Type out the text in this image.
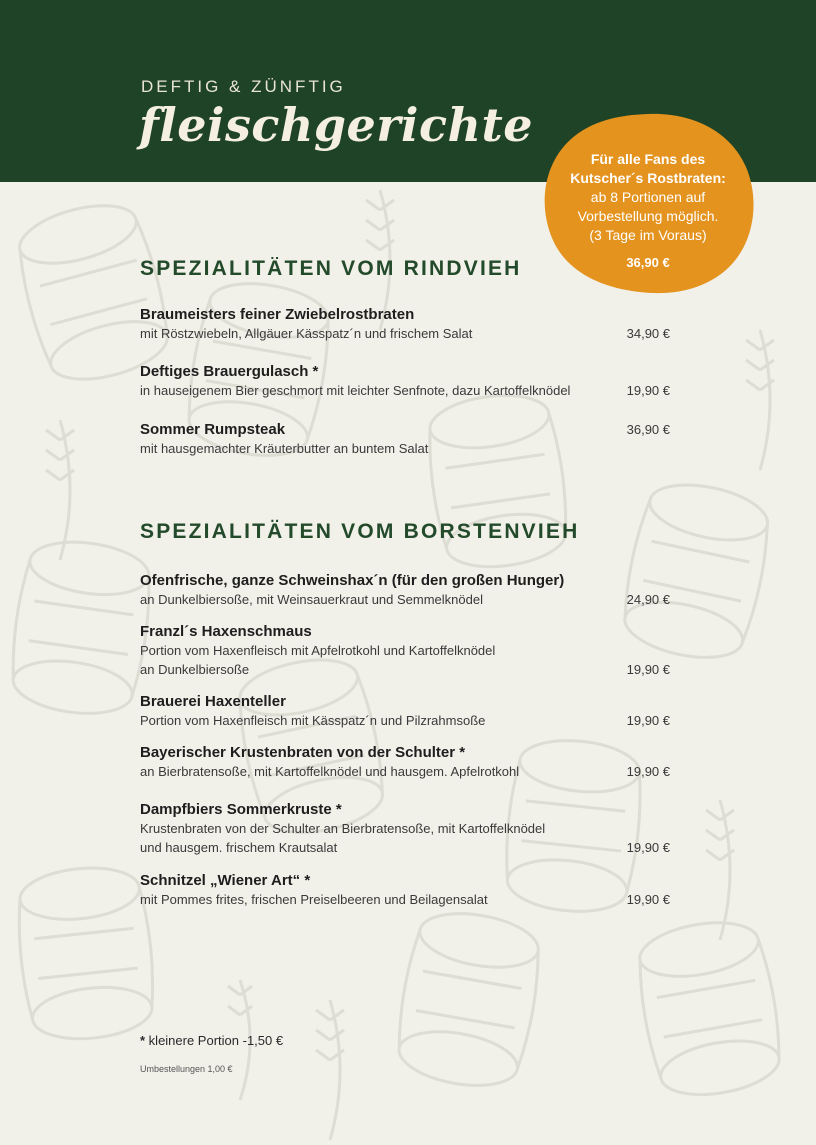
DEFTIG & ZÜNFTIG
fleischgerichte
Für alle Fans des
Kutscher´s Rostbraten:
ab 8 Portionen auf
Vorbestellung möglich.
(3 Tage im Voraus)
36,90 €
SPEZIALITÄTEN VOM RINDVIEH
Braumeisters feiner Zwiebelrostbraten
mit Röstzwiebeln, Allgäuer Kässpatz´n und frischem Salat	34,90 €
Deftiges Brauergulasch *
in hauseigenem Bier geschmort mit leichter Senfnote, dazu Kartoffelknödel	19,90 €
Sommer Rumpsteak
mit hausgemachter Kräuterbutter an buntem Salat
36,90 €
SPEZIALITÄTEN VOM BORSTENVIEH
Ofenfrische, ganze Schweinshax´n (für den großen Hunger)
an Dunkelbiersoße, mit Weinsauerkraut und Semmelknödel	24,90 €
Franzl´s Haxenschmaus
Portion vom Haxenfleisch mit Apfelrotkohl und Kartoffelknödel
an Dunkelbiersoße	19,90 €
Brauerei Haxenteller
Portion vom Haxenfleisch mit Kässpatz´n und Pilzrahmsoße	19,90 €
Bayerischer Krustenbraten von der Schulter *
an Bierbratensoße, mit Kartoffelknödel und hausgem. Apfelrotkohl	19,90 €
Dampfbiers Sommerkruste *
Krustenbraten von der Schulter an Bierbratensoße, mit Kartoffelknödel
und hausgem. frischem Krautsalat	19,90 €
Schnitzel „Wiener Art“ *
mit Pommes frites, frischen Preiselbeeren und Beilagensalat	19,90 €
* kleinere Portion -1,50 €
Umbestellungen 1,00 €
